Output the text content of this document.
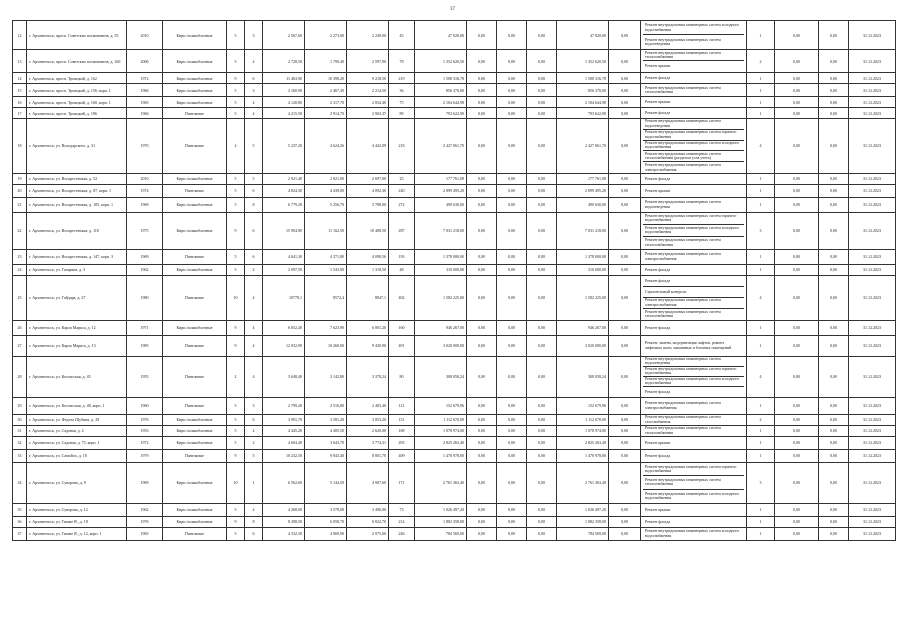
37
12	г. Архангельск, просп. Советских космонавтов, д. 55	2010	Кирп./шлакоблочные	5	3	2 567,60	2 273,00	2 249,00	45	47 020,00	0,00	0,00	0,00	47 820,00	0,00	Ремонт внутридомовых инженерных систем холодного водоснабжения
Ремонт внутридомовых инженерных систем водоотведения	1	0,00	0,00	31.12.2023
13	г. Архангельск, просп. Советских космонавтов, д. 160	2006	Кирп./шлакоблочные	5	4	2 728,50	1 799,40	2 597,90	78	1 352 620,50	0,00	0,00	0,00	1 352 620,50	0,00	Ремонт внутридомовых инженерных систем теплоснабжения
Ремонт крыши	2	0,00	0,00	31.12.2023
14	г. Архангельск, просп. Троицкий, д. 162	1972	Кирп./шлакоблочные	9	6	11 463,90	10 398,20	9 218,50	219	1 508 316,78	0,00	0,00	0,00	1 508 316,78	0,00	Ремонт фасада	1	0,00	0,00	31.12.2023
15	г. Архангельск, просп. Троицкий, д. 156, корп. 1	1966	Кирп./шлакоблочные	5	3	3 160,90	2 467,30	2 214,50	36	856 370,00	0,00	0,00	0,00	856 370,00	0,00	Ремонт внутридомовых инженерных систем теплоснабжения	1	0,00	0,00	31.12.2023
16	г. Архангельск, просп. Троицкий, д. 160, корп. 1	1965	Кирп./шлакоблочные	5	4	4 120,80	2 317,70	2 834,40	75	2 104 644,98	0,00	0,00	0,00	2 104 644,98	0,00	Ремонт крыши	1	0,00	0,00	31.12.2023
17	г. Архангельск, просп. Троицкий, д. 186	1966	Панельные	5	4	4 215,50	2 914,70	2 903,37	89	793 622,90	0,00	0,00	0,00	793 622,90	0,00	Ремонт фасада	1	0,00	0,00	31.12.2023
18	г. Архангельск, ул. Володарского, д. 31	1970	Панельные	4	5	5 237,20	4 624,26	4 442,09	218	2 427 061,70	0,00	0,00	0,00	2 427 061,70	0,00	Ремонт внутридомовых инженерных систем водоотведения
Ремонт внутридомовых инженерных систем горячего водоснабжения
Ремонт внутридомовых инженерных систем холодного водоснабжения
Ремонт внутридомовых инженерных систем теплоснабжения (разделом узла учета)
Ремонт внутридомовых инженерных систем электроснабжения	4	0,00	0,00	31.12.2023
19	г. Архангельск, ул. Воскресенская, д. 52	2010	Кирп./шлакоблочные	5	5	2 921,40	2 821,00	2 697,00	25	177 761,08	0,00	0,00	0,00	177 761,08	0,00	Ремонт фасада	1	0,00	0,00	31.12.2023
20	г. Архангельск, ул. Воскресенская, д. 87, корп. 1	1974	Панельные	5	6	4 824,30	4 439,00	4 092,30	240	2 899 495,20	0,00	0,00	0,00	2 899 495,20	0,00	Ремонт крыши	1	0,00	0,00	31.12.2023
21	г. Архангельск, ул. Воскресенская, д. 105, корп. 1	1969	Кирп./шлакоблочные	5	8	6 779,20	5 256,70	5 788,00	272	490 630,00	0,00	0,00	0,00	490 630,00	0,00	Ремонт внутридомовых инженерных систем водоотведения	1	0,00	0,00	31.12.2023
22	г. Архангельск, ул. Воскресенская, д. 110	1975	Кирп./шлакоблочные	9	6	15 904,90	11 162,50	10 408,50	287	7 031 218,00	0,00	0,00	0,00	7 031 218,00	0,00	Ремонт внутридомовых инженерных систем горячего водоснабжения
Ремонт внутридомовых инженерных систем холодного водоснабжения
Ремонт внутридомовых инженерных систем теплоснабжения	3	0,00	0,00	31.12.2023
23	г. Архангельск, ул. Воскресенская, д. 147, корп. 3	1969	Панельные	5	6	4 641,30	4 371,80	4 098,56	193	1 378 000,00	0,00	0,00	0,00	1 378 000,00	0,00	Ремонт внутридомовых инженерных систем электроснабжения	1	0,00	0,00	31.12.2023
24	г. Архангельск, ул. Гагарина, д. 3	1962	Кирп./шлакоблочные	5	2	2 097,50	1 543,90	1 318,50	48	310 000,00	0,00	0,00	0,00	310 000,00	0,00	Ремонт фасада	1	0,00	0,00	31.12.2023
25	г. Архангельск, ул. Гайдара, д. 27	1980	Панельные	10	4	10778,1	8572,4	8847,1	402	1 582 225,00	0,00	0,00	0,00	1 582 225,00	0,00	Ремонт фасада
Строительный контроль
Ремонт внутридомовых инженерных систем электроснабжения
Ремонт внутридомовых инженерных систем теплоснабжения	4	0,00	0,00	31.12.2023
26	г. Архангельск, ул. Карла Маркса, д. 12	1971	Кирп./шлакоблочные	9	4	6 652,40	7 623,90	6 801,20	160	946 267,00	0,00	0,00	0,00	946 267,00	0,00	Ремонт фасада	1	0,00	0,00	31.12.2023
27	г. Архангельск, ул. Карла Маркса, д. 13	1985	Панельные	9	4	12 032,90	10 260,00	9 430,90	491	3 020 000,00	0,00	0,00	0,00	3 020 000,00	0,00	Ремонт, замена, модернизация лифтов, ремонт лифтовых шахт, машинных и блочных помещений	1	0,00	0,00	31.12.2023
28	г. Архангельск, ул. Котласская, д. 45	1955	Панельные	2	4	3 648,40	3 142,80	3 378,24	80	308 058,24	0,00	0,00	0,00	308 058,24	0,00	Ремонт внутридомовых инженерных систем водоотведения
Ремонт внутридомовых инженерных систем горячего водоснабжения
Ремонт внутридомовых инженерных систем холодного водоснабжения
Ремонт фасада	4	0,00	0,00	31.12.2023
29	г. Архангельск, ул. Котласская, д. 48, корп. 1	1960	Панельные	5	3	2 799,20	2 516,80	2 483,40	112	152 679,96	0,00	0,00	0,00	152 679,96	0,00	Ремонт внутридомовых инженерных систем электроснабжения	1	0,00	0,00	31.12.2023
30	г. Архангельск, ул. Федота Шубина, д. 29	1976	Кирп./шлакоблочные	5	6	3 901,70	3 581,20	3 853,20	151	1 112 670,00	0,00	0,00	0,00	1 112 670,00	0,00	Ремонт внутридомовых инженерных систем газоснабжения	2	0,00	0,00	31.12.2023
31	г. Архангельск, ул. Садовая, д. 2	1953	Кирп./шлакоблочные	5	4	4 445,20	4 405,50	2 620,00	168	1 078 974,00	0,00	0,00	0,00	1 078 974,00	0,00	Ремонт внутридомовых инженерных систем теплоснабжения	1	0,00	0,00	31.12.2023
32	г. Архангельск, ул. Садовая, д. 75, корп. 1	1972	Кирп./шлакоблочные	5	2	4 604,40	3 643,70	3 774,31	205	2 825 263,40	0,00	0,00	0,00	2 825 263,40	0,00	Ремонт крыши	1	0,00	0,00	31.12.2023
33	г. Архангельск, ул. Самойло, д. 18	1979	Панельные	9	5	10 232,50	9 843,40	8 801,70	409	1 470 978,00	0,00	0,00	0,00	1 470 978,00	0,00	Ремонт фасада	1	0,00	0,00	31.12.2023
34	г. Архангельск, ул. Суворова, д. 9	1969	Кирп./шлакоблочные	10	1	6 562,60	5 144,50	4 907,60	171	2 761 363,40	0,00	0,00	0,00	2 761 363,40	0,00	Ремонт внутридомовых инженерных систем горячего водоснабжения
Ремонт внутридомовых инженерных систем теплоснабжения
Ремонт внутридомовых инженерных систем холодного водоснабжения	3	0,00	0,00	31.12.2023
35	г. Архангельск, ул. Суворова, д. 12	1962	Кирп./шлакоблочные	5	4	4 268,00	3 578,00	3 496,00	73	1 026 497,20	0,00	0,00	0,00	1 026 497,20	0,00	Ремонт крыши	1	0,00	0,00	31.12.2023
36	г. Архангельск, ул. Тимме Я., д. 18	1976	Кирп./шлакоблочные	9	8	8 298,50	6 058,70	6 022,70	214	1 882 358,00	0,00	0,00	0,00	1 882 358,00	0,00	Ремонт фасада	1	0,00	0,00	31.12.2023
37	г. Архангельск, ул. Тимме Я., д. 12, корп. 1	1965	Панельные	5	6	4 332,30	4 069,90	2 975,60	246	784 569,00	0,00	0,00	0,00	784 569,00	0,00	Ремонт внутридомовых инженерных систем холодного водоснабжения	1	0,00	0,00	31.12.2023
